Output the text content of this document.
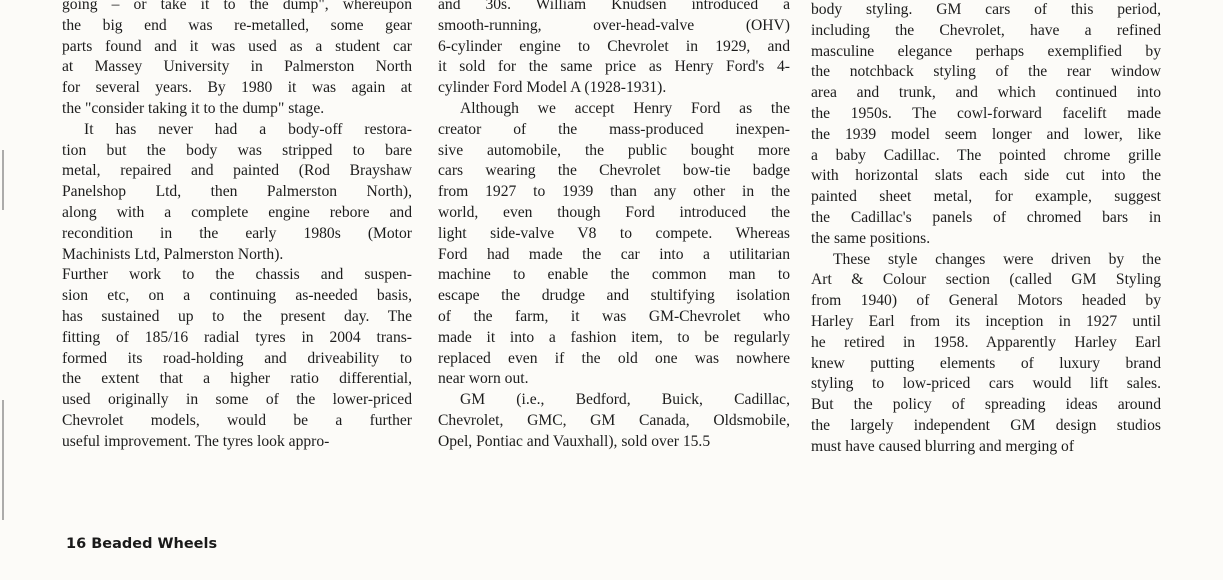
going – or take it to the dump", whereupon
the big end was re-metalled, some gear
parts found and it was used as a student car
at Massey University in Palmerston North
for several years. By 1980 it was again at
the "consider taking it to the dump" stage.
It has never had a body-off restora-
tion but the body was stripped to bare
metal, repaired and painted (Rod Brayshaw
Panelshop Ltd, then Palmerston North),
along with a complete engine rebore and
recondition in the early 1980s (Motor
Machinists Ltd, Palmerston North).
Further work to the chassis and suspen-
sion etc, on a continuing as-needed basis,
has sustained up to the present day. The
fitting of 185/16 radial tyres in 2004 trans-
formed its road-holding and driveability to
the extent that a higher ratio differential,
used originally in some of the lower-priced
Chevrolet models, would be a further
useful improvement. The tyres look appro-
and 30s. William Knudsen introduced a
smooth-running, over-head-valve (OHV)
6-cylinder engine to Chevrolet in 1929, and
it sold for the same price as Henry Ford's 4-
cylinder Ford Model A (1928-1931).
Although we accept Henry Ford as the
creator of the mass-produced inexpen-
sive automobile, the public bought more
cars wearing the Chevrolet bow-tie badge
from 1927 to 1939 than any other in the
world, even though Ford introduced the
light side-valve V8 to compete. Whereas
Ford had made the car into a utilitarian
machine to enable the common man to
escape the drudge and stultifying isolation
of the farm, it was GM-Chevrolet who
made it into a fashion item, to be regularly
replaced even if the old one was nowhere
near worn out.
GM (i.e., Bedford, Buick, Cadillac,
Chevrolet, GMC, GM Canada, Oldsmobile,
Opel, Pontiac and Vauxhall), sold over 15.5
body styling. GM cars of this period,
including the Chevrolet, have a refined
masculine elegance perhaps exemplified by
the notchback styling of the rear window
area and trunk, and which continued into
the 1950s. The cowl-forward facelift made
the 1939 model seem longer and lower, like
a baby Cadillac. The pointed chrome grille
with horizontal slats each side cut into the
painted sheet metal, for example, suggest
the Cadillac's panels of chromed bars in
the same positions.
These style changes were driven by the
Art & Colour section (called GM Styling
from 1940) of General Motors headed by
Harley Earl from its inception in 1927 until
he retired in 1958. Apparently Harley Earl
knew putting elements of luxury brand
styling to low-priced cars would lift sales.
But the policy of spreading ideas around
the largely independent GM design studios
must have caused blurring and merging of
16 Beaded Wheels
